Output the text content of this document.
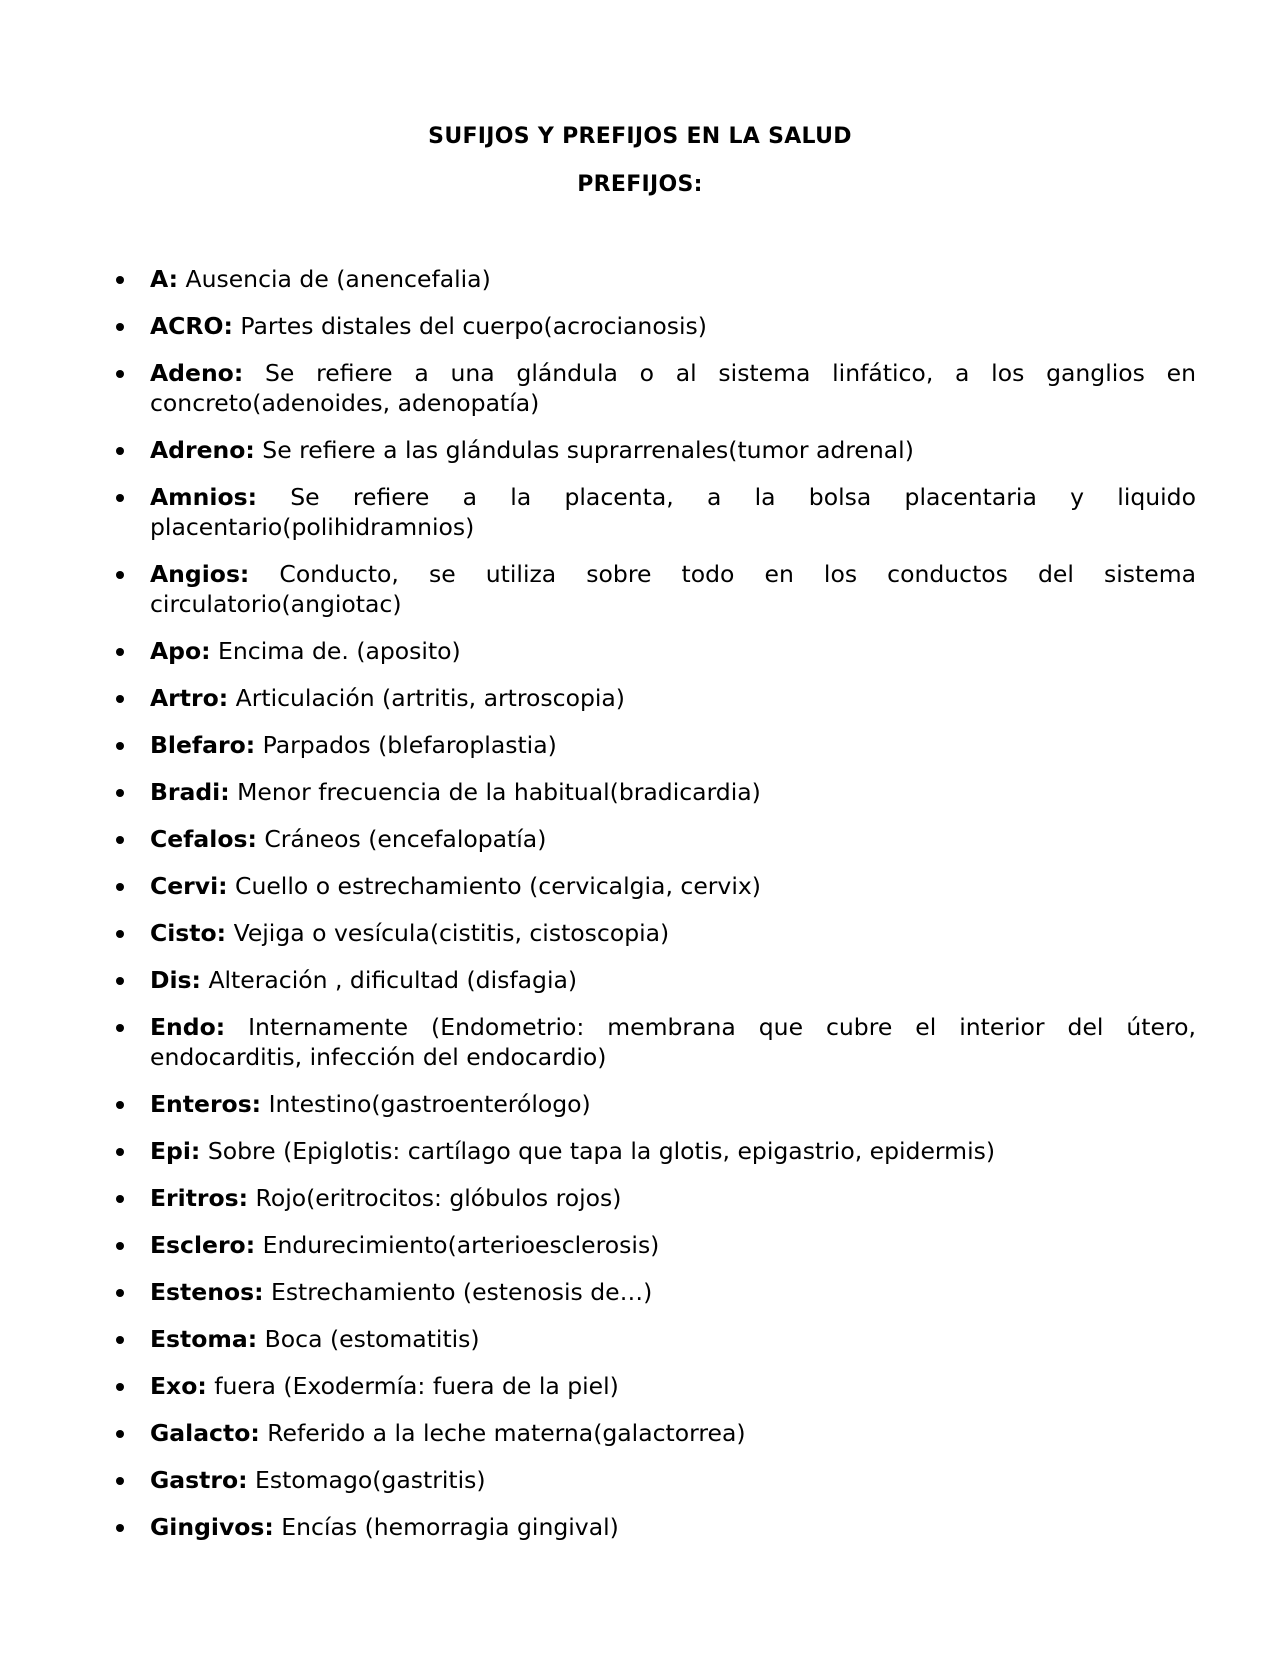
SUFIJOS Y PREFIJOS EN LA SALUD
PREFIJOS:
A: Ausencia de (anencefalia)
ACRO: Partes distales del cuerpo(acrocianosis)
Adeno: Se refiere a una glándula o al sistema linfático, a los ganglios en concreto(adenoides, adenopatía)
Adreno: Se refiere a las glándulas suprarrenales(tumor adrenal)
Amnios: Se refiere a la placenta, a la bolsa placentaria y liquido placentario(polihidramnios)
Angios: Conducto, se utiliza sobre todo en los conductos del sistema circulatorio(angiotac)
Apo: Encima de. (aposito)
Artro: Articulación (artritis, artroscopia)
Blefaro: Parpados (blefaroplastia)
Bradi: Menor frecuencia de la habitual(bradicardia)
Cefalos: Cráneos (encefalopatía)
Cervi: Cuello o estrechamiento (cervicalgia, cervix)
Cisto: Vejiga o vesícula(cistitis, cistoscopia)
Dis: Alteración , dificultad (disfagia)
Endo: Internamente (Endometrio: membrana que cubre el interior del útero, endocarditis, infección del endocardio)
Enteros: Intestino(gastroenterólogo)
Epi: Sobre (Epiglotis: cartílago que tapa la glotis, epigastrio, epidermis)
Eritros: Rojo(eritrocitos: glóbulos rojos)
Esclero: Endurecimiento(arterioesclerosis)
Estenos: Estrechamiento (estenosis de…)
Estoma: Boca (estomatitis)
Exo: fuera (Exodermía: fuera de la piel)
Galacto: Referido a la leche materna(galactorrea)
Gastro: Estomago(gastritis)
Gingivos: Encías (hemorragia gingival)
